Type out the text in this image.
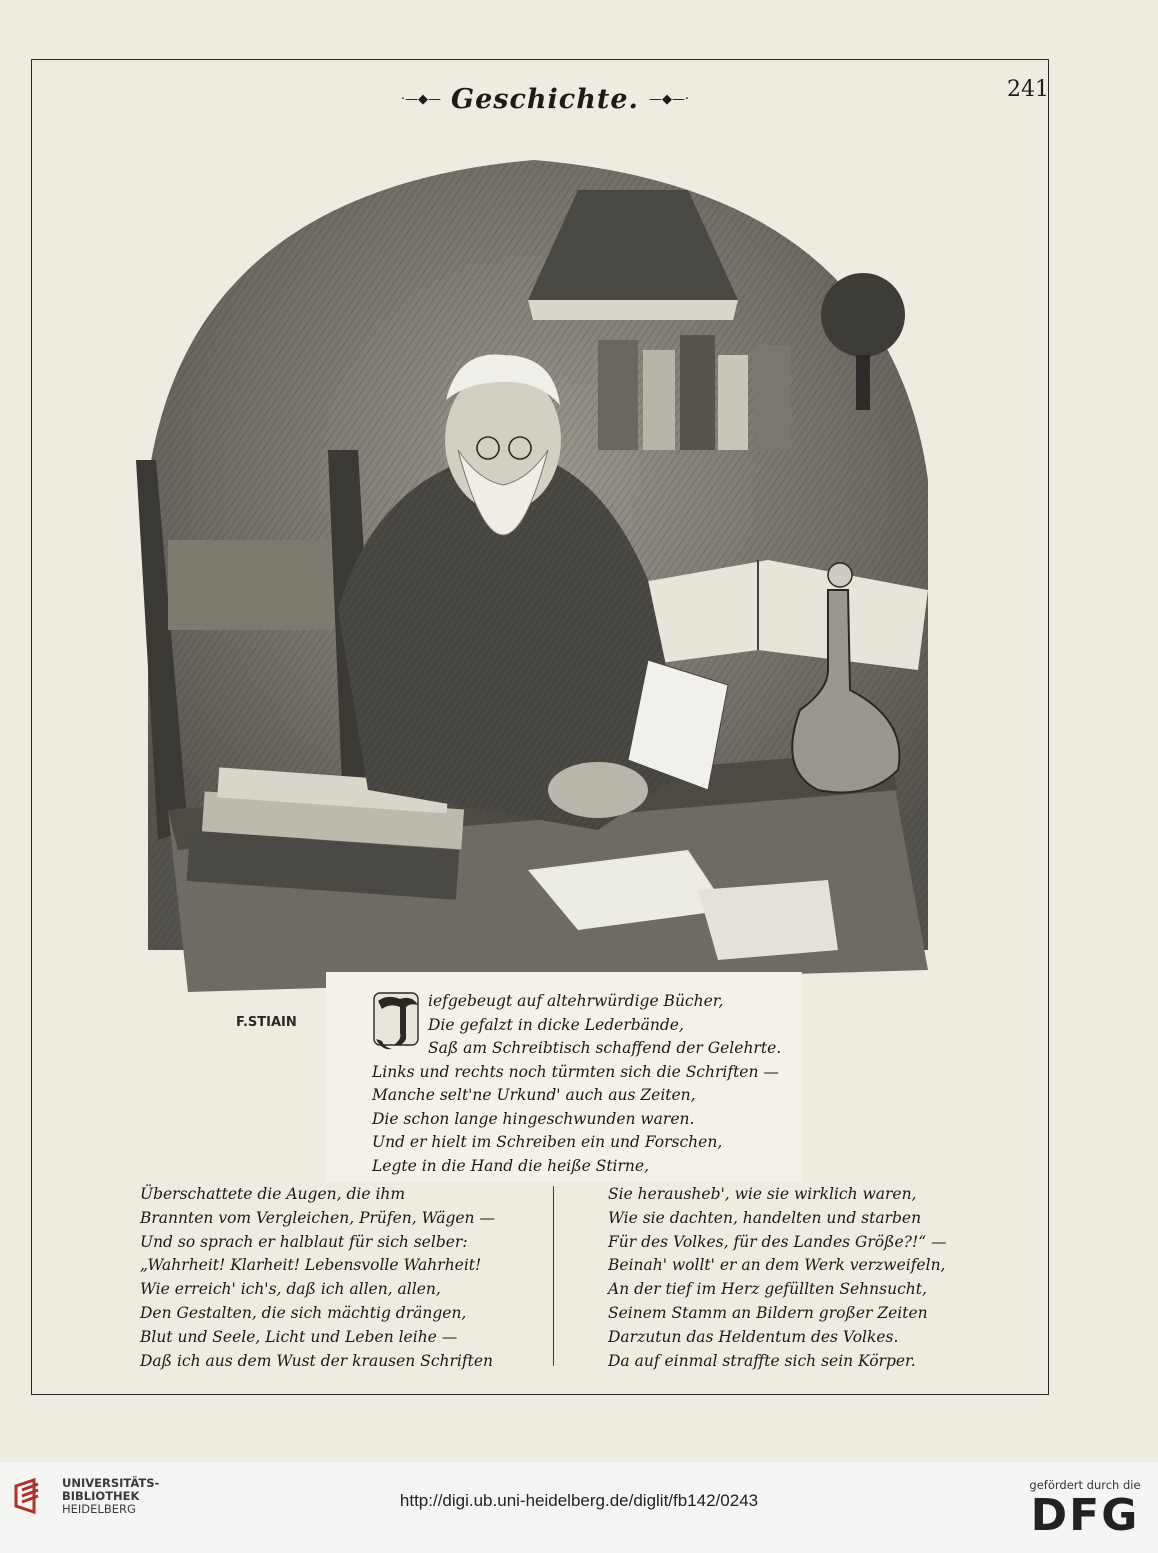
·—◆— Geschichte. —◆—·	241
F.STIAIN	T
iefgebeugt auf altehrwürdige Bücher,
Die gefalzt in dicke Lederbände,
Saß am Schreibtisch schaffend der Gelehrte.
Links und rechts noch türmten sich die Schriften —
Manche selt'ne Urkund' auch aus Zeiten,
Die schon lange hingeschwunden waren.
Und er hielt im Schreiben ein und Forschen,
Legte in die Hand die heiße Stirne,
Überschattete die Augen, die ihm
Brannten vom Vergleichen, Prüfen, Wägen —
Und so sprach er halblaut für sich selber:
„Wahrheit! Klarheit! Lebensvolle Wahrheit!
Wie erreich' ich's, daß ich allen, allen,
Den Gestalten, die sich mächtig drängen,
Blut und Seele, Licht und Leben leihe —
Daß ich aus dem Wust der krausen Schriften
Sie herausheb', wie sie wirklich waren,
Wie sie dachten, handelten und starben
Für des Volkes, für des Landes Größe?!“ —
Beinah' wollt' er an dem Werk verzweifeln,
An der tief im Herz gefüllten Sehnsucht,
Seinem Stamm an Bildern großer Zeiten
Darzutun das Heldentum des Volkes.
Da auf einmal straffte sich sein Körper.
UNIVERSITÄTS-
BIBLIOTHEK
HEIDELBERG	http://digi.ub.uni-heidelberg.de/diglit/fb142/0243
gefördert durch die
DFG
